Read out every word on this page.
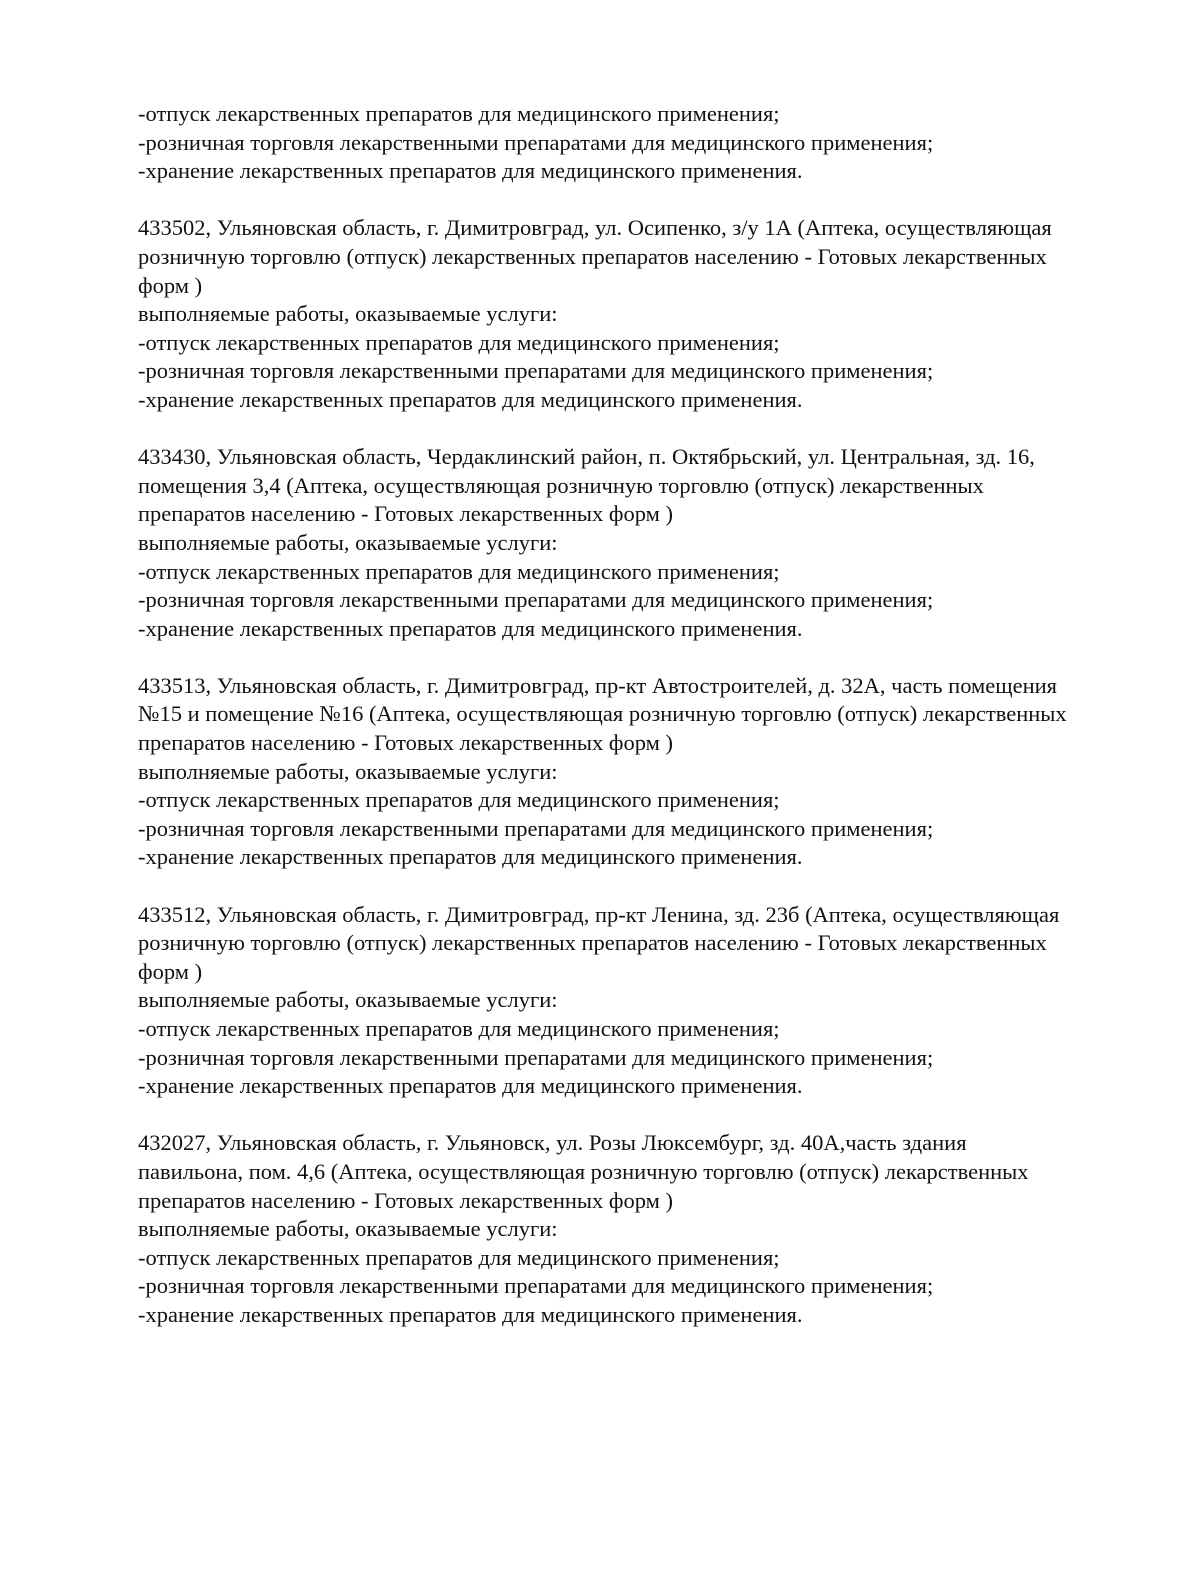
-отпуск лекарственных препаратов для медицинского применения;
-розничная торговля лекарственными препаратами для медицинского применения;
-хранение лекарственных препаратов для медицинского применения.
433502, Ульяновская область, г. Димитровград, ул. Осипенко, з/у 1А (Аптека, осуществляющая
розничную торговлю (отпуск) лекарственных препаратов населению - Готовых лекарственных
форм )
выполняемые работы, оказываемые услуги:
-отпуск лекарственных препаратов для медицинского применения;
-розничная торговля лекарственными препаратами для медицинского применения;
-хранение лекарственных препаратов для медицинского применения.
433430, Ульяновская область, Чердаклинский район, п. Октябрьский, ул. Центральная, зд. 16,
помещения 3,4 (Аптека, осуществляющая розничную торговлю (отпуск) лекарственных
препаратов населению - Готовых лекарственных форм )
выполняемые работы, оказываемые услуги:
-отпуск лекарственных препаратов для медицинского применения;
-розничная торговля лекарственными препаратами для медицинского применения;
-хранение лекарственных препаратов для медицинского применения.
433513, Ульяновская область, г. Димитровград, пр-кт Автостроителей, д. 32А, часть помещения
№15 и помещение №16 (Аптека, осуществляющая розничную торговлю (отпуск) лекарственных
препаратов населению - Готовых лекарственных форм )
выполняемые работы, оказываемые услуги:
-отпуск лекарственных препаратов для медицинского применения;
-розничная торговля лекарственными препаратами для медицинского применения;
-хранение лекарственных препаратов для медицинского применения.
433512, Ульяновская область, г. Димитровград, пр-кт Ленина, зд. 23б (Аптека, осуществляющая
розничную торговлю (отпуск) лекарственных препаратов населению - Готовых лекарственных
форм )
выполняемые работы, оказываемые услуги:
-отпуск лекарственных препаратов для медицинского применения;
-розничная торговля лекарственными препаратами для медицинского применения;
-хранение лекарственных препаратов для медицинского применения.
432027, Ульяновская область, г. Ульяновск, ул. Розы Люксембург, зд. 40А,часть здания
павильона, пом. 4,6 (Аптека, осуществляющая розничную торговлю (отпуск) лекарственных
препаратов населению - Готовых лекарственных форм )
выполняемые работы, оказываемые услуги:
-отпуск лекарственных препаратов для медицинского применения;
-розничная торговля лекарственными препаратами для медицинского применения;
-хранение лекарственных препаратов для медицинского применения.
